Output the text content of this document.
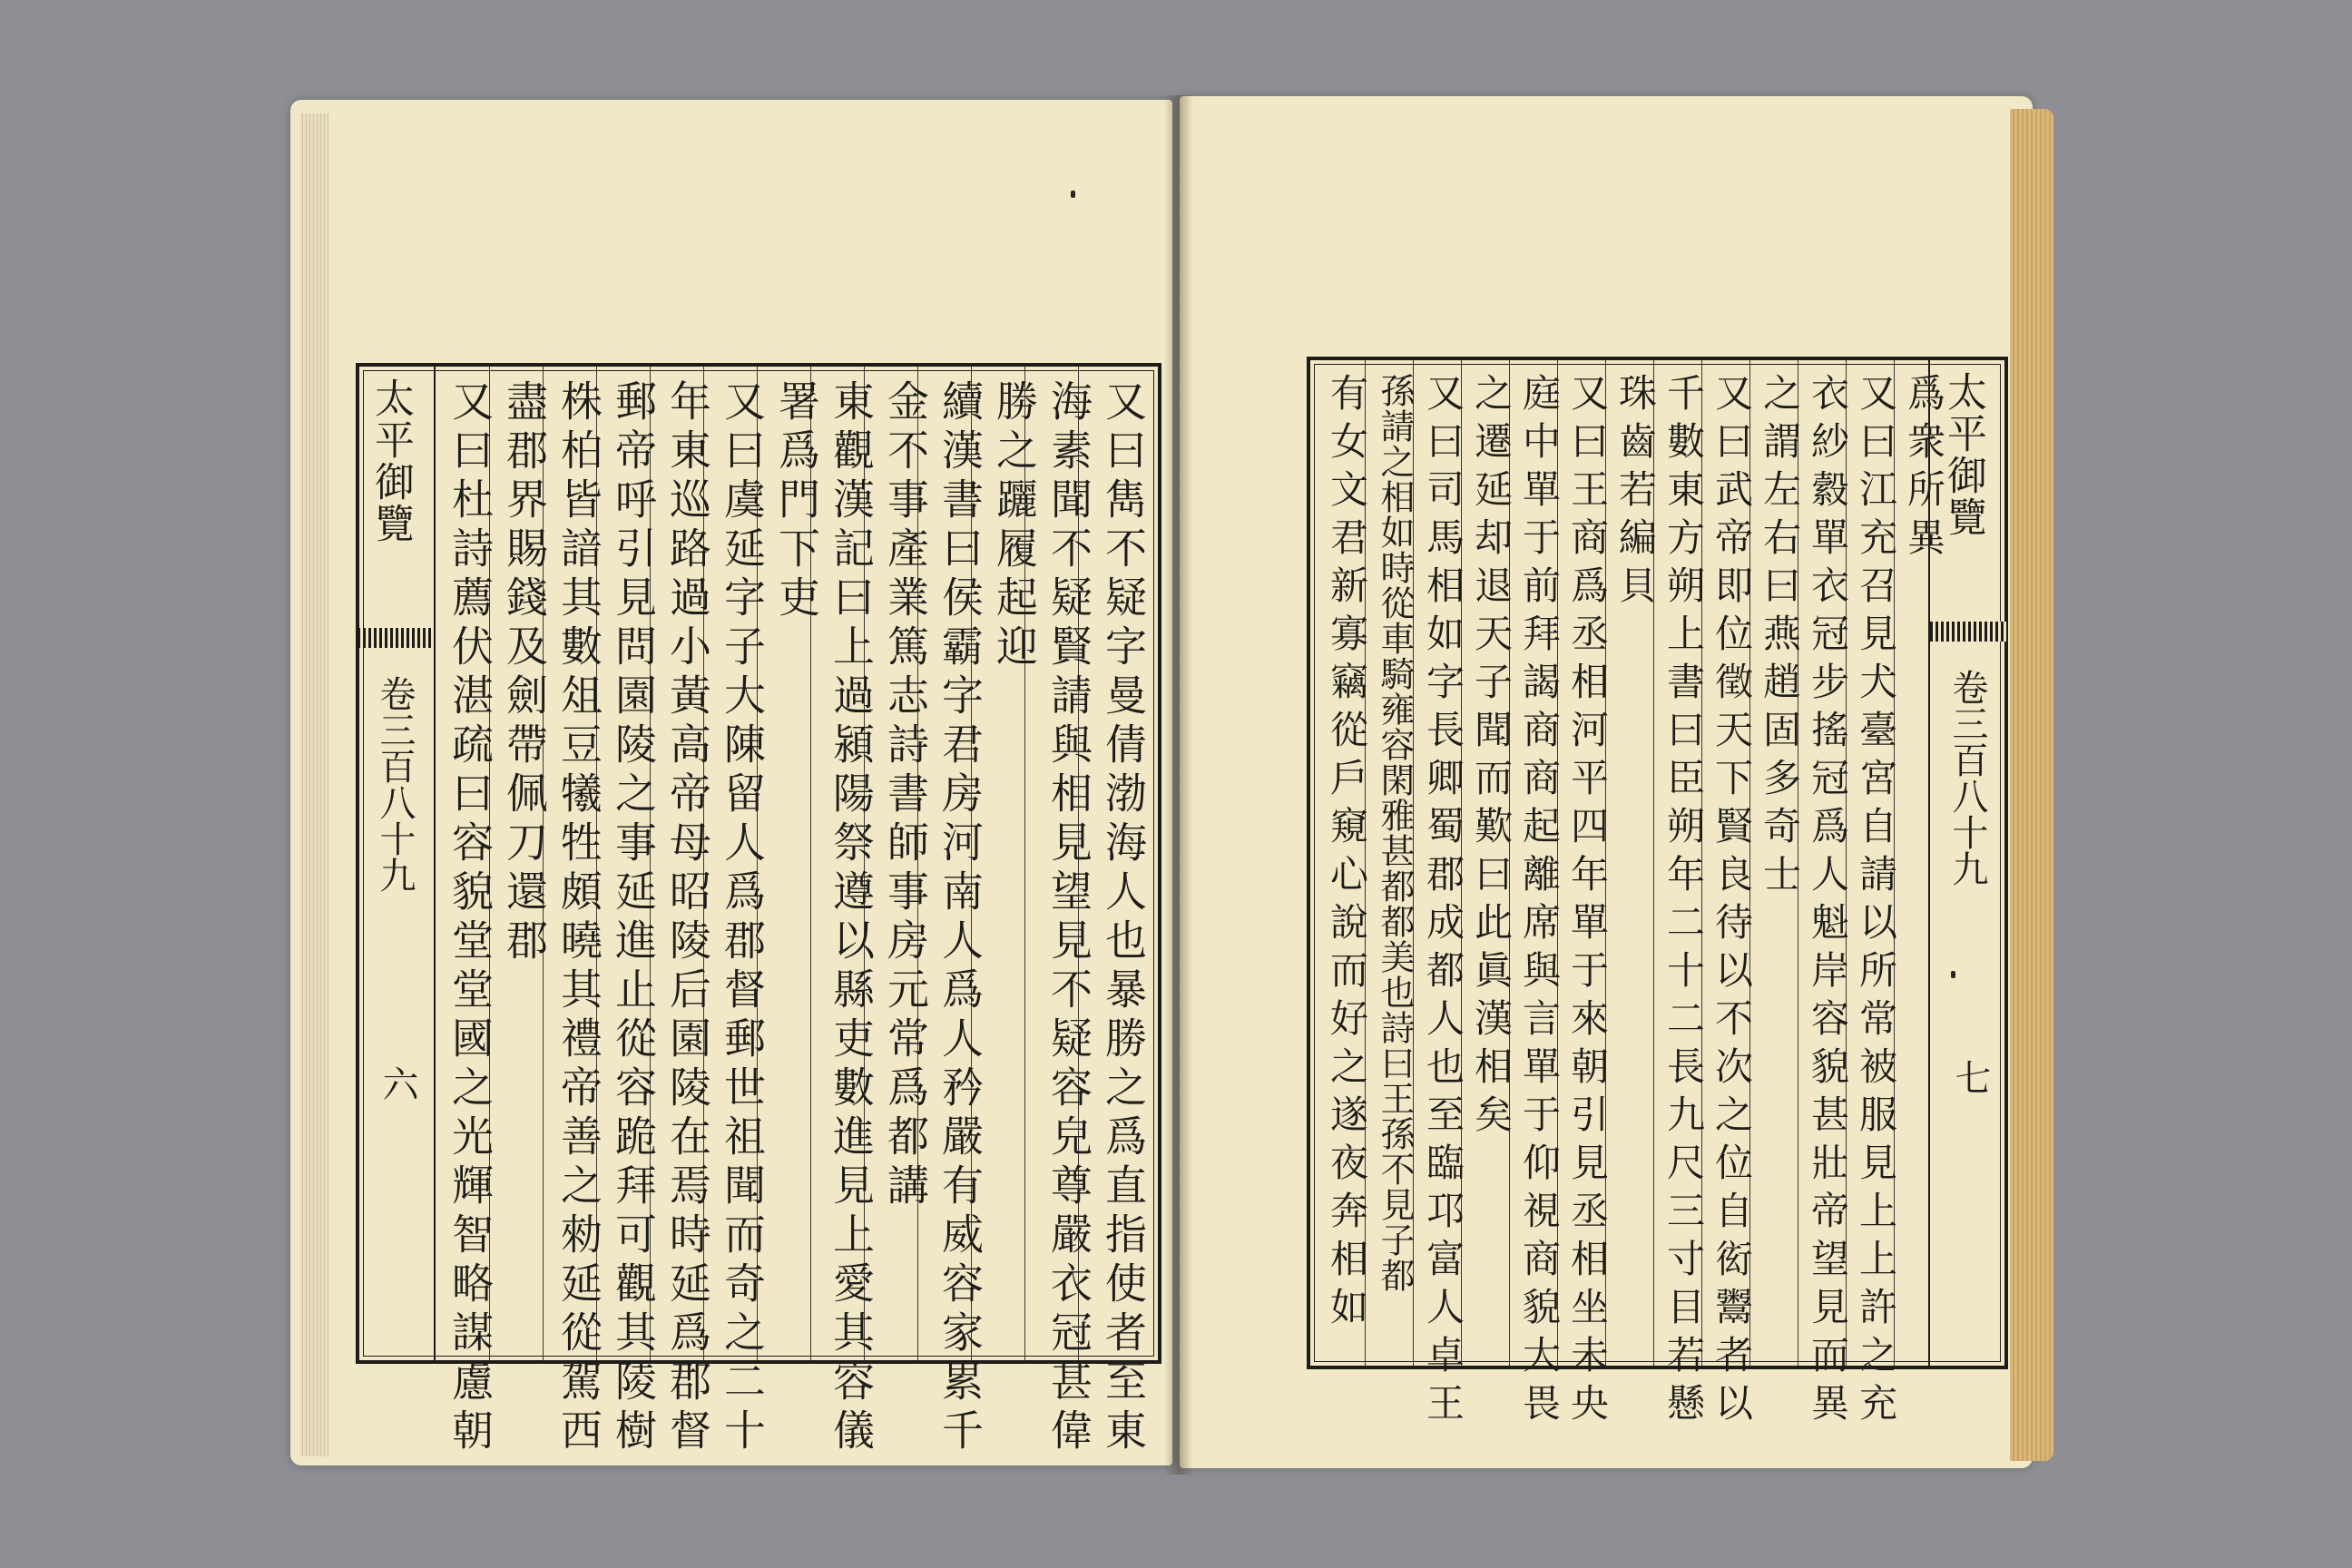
太平御覽
卷三百八十九
六	又曰雋不疑字曼倩渤海人也暴勝之爲直指使者至東
海素聞不疑賢請與相見望見不疑容皃尊嚴衣冠甚偉
勝之躧履起迎
續漢書曰侯霸字君房河南人爲人矜嚴有威容家累千
金不事產業篤志詩書師事房元常爲都講
東觀漢記曰上過潁陽祭遵以縣吏數進見上愛其容儀
署爲門下吏
又曰虞延字子大陳留人爲郡督郵世祖聞而奇之二十
年東巡路過小黃高帝母昭陵后園陵在焉時延爲郡督
郵帝呼引見問園陵之事延進止從容跪拜可觀其陵樹
株柏皆諳其數俎豆犧牲頗曉其禮帝善之勑延從駕西
盡郡界賜錢及劍帶佩刀還郡
又曰杜詩薦伏湛疏曰容貌堂堂國之光輝智略謀慮朝	太平御覽
卷三百八十九
七
爲衆所異
又曰江充召見犬臺宮自請以所常被服見上上許之充
衣紗縠單衣冠步搖冠爲人魁岸容貌甚壯帝望見而異
之謂左右曰燕趙固多奇士
又曰武帝即位徵天下賢良待以不次之位自衒鬻者以
千數東方朔上書曰臣朔年二十二長九尺三寸目若懸
珠齒若編貝
又曰王商爲丞相河平四年單于來朝引見丞相坐未央
庭中單于前拜謁商商起離席與言單于仰視商貌大畏
之遷延却退天子聞而歎曰此眞漢相矣
又曰司馬相如字長卿蜀郡成都人也至臨邛富人卓王
孫請之相如時從車騎雍容閑雅甚都都美也詩曰王孫不見子都
有女文君新寡竊從戶窺心說而好之遂夜奔相如
